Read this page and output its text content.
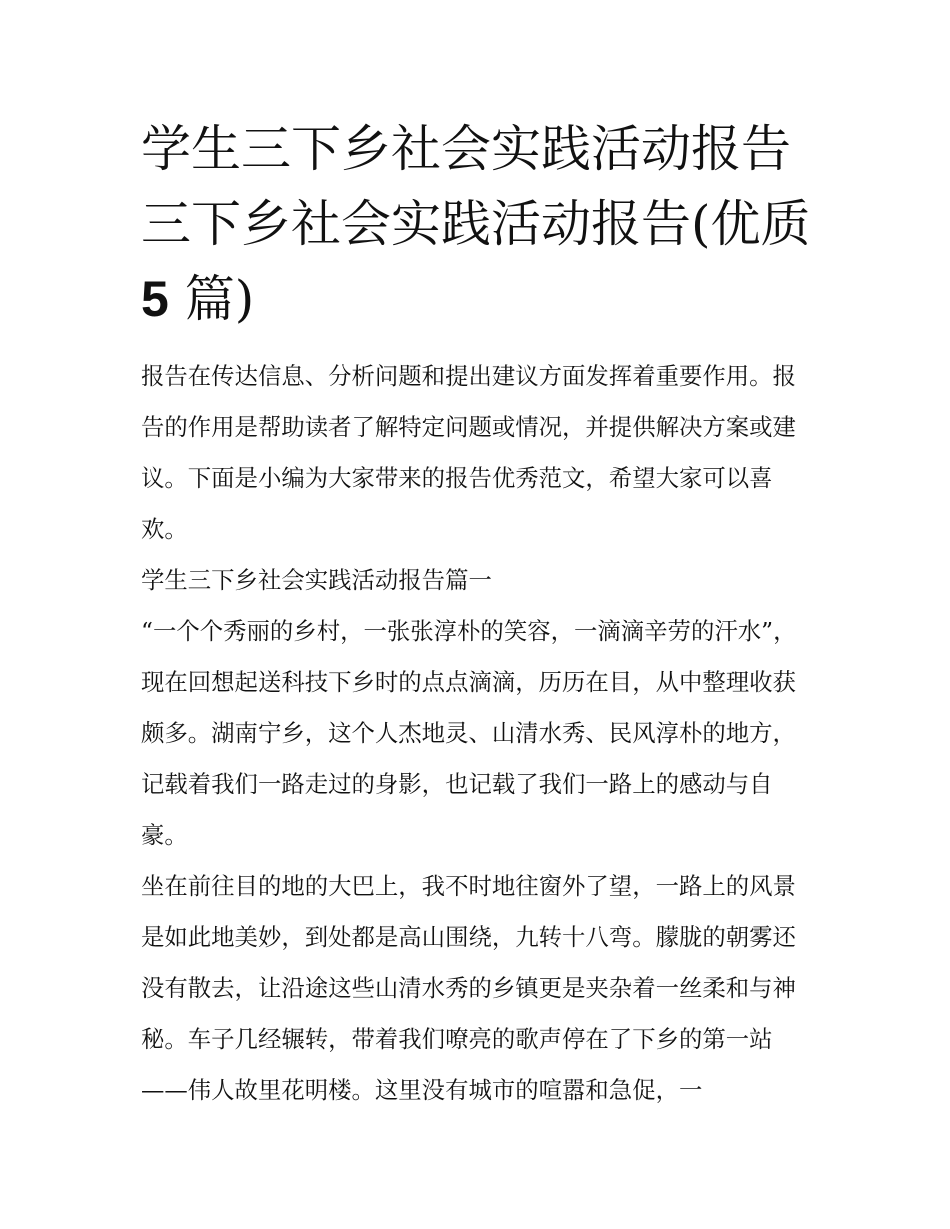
学生三下乡社会实践活动报告
三下乡社会实践活动报告(优质
5 篇)

报告在传达信息、分析问题和提出建议方面发挥着重要作用。报告的作用是帮助读者了解特定问题或情况，并提供解决方案或建议。下面是小编为大家带来的报告优秀范文，希望大家可以喜欢。

学生三下乡社会实践活动报告篇一

“一个个秀丽的乡村，一张张淳朴的笑容，一滴滴辛劳的汗水”，现在回想起送科技下乡时的点点滴滴，历历在目，从中整理收获颇多。湖南宁乡，这个人杰地灵、山清水秀、民风淳朴的地方，记载着我们一路走过的身影，也记载了我们一路上的感动与自豪。

坐在前往目的地的大巴上，我不时地往窗外了望，一路上的风景是如此地美妙，到处都是高山围绕，九转十八弯。朦胧的朝雾还没有散去，让沿途这些山清水秀的乡镇更是夹杂着一丝柔和与神秘。车子几经辗转，带着我们嘹亮的歌声停在了下乡的第一站——伟人故里花明楼。这里没有城市的喧嚣和急促，一
